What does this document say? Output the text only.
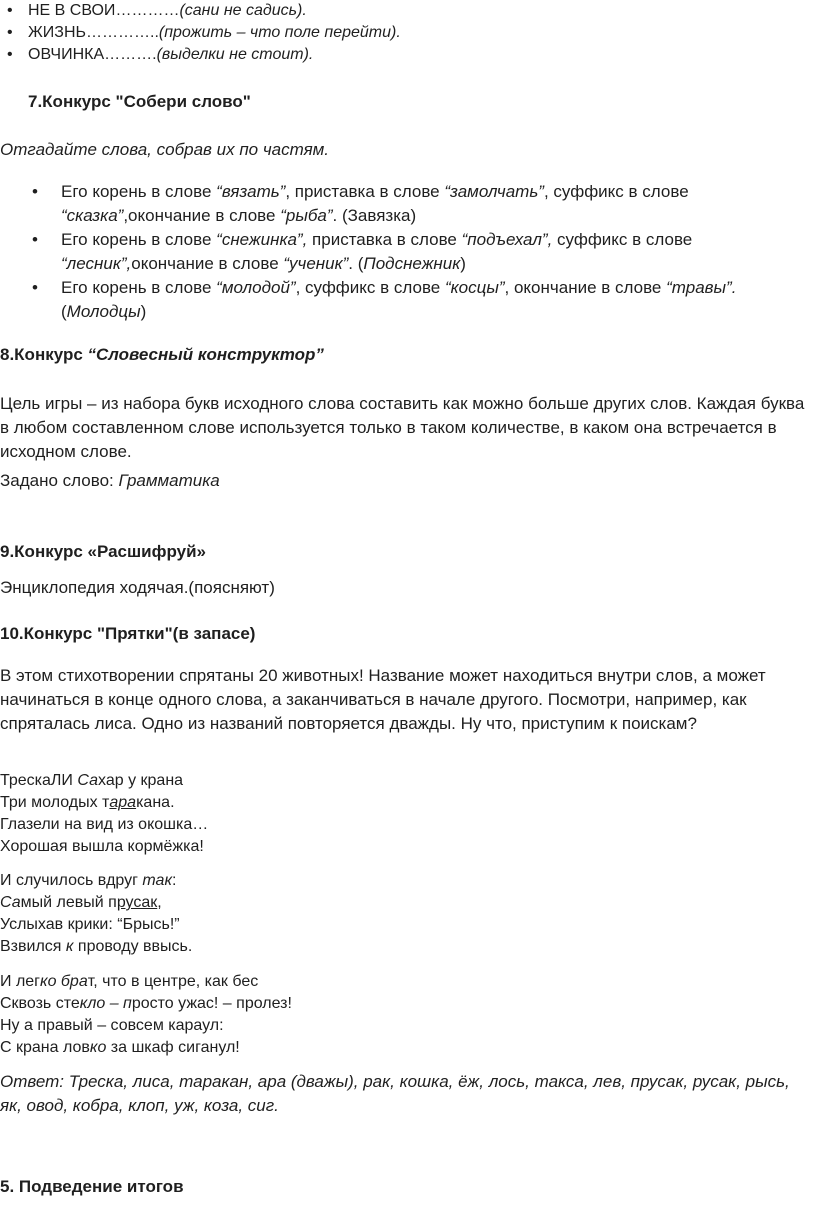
• НЕ В СВОИ…………(сани не садись).
• ЖИЗНЬ…………..(прожить – что поле перейти).
• ОВЧИНКА……….(выделки не стоит).
7.Конкурс "Собери слово"
Отгадайте слова, собрав их по частям.
• Его корень в слове “вязать”, приставка в слове “замолчать”, суффикс в слове “сказка”,окончание в слове “рыба”. (Завязка)
• Его корень в слове “снежинка”, приставка в слове “подъехал”, суффикс в слове “лесник”,окончание в слове “ученик”. (Подснежник)
• Его корень в слове “молодой”, суффикс в слове “косцы”, окончание в слове “травы”. (Молодцы)
8.Конкурс “Словесный конструктор”
Цель игры – из набора букв исходного слова составить как можно больше других слов. Каждая буква в любом составленном слове используется только в таком количестве, в каком она встречается в исходном слове.
Задано слово: Грамматика
9.Конкурс «Расшифруй»
Энциклопедия ходячая.(поясняют)
10.Конкурс "Прятки"(в запасе)
В этом стихотворении спрятаны 20 животных! Название может находиться внутри слов, а может начинаться в конце одного слова, а заканчиваться в начале другого. Посмотри, например, как спряталась лиса. Одно из названий повторяется дважды. Ну что, приступим к поискам?
ТрескаЛИ Сахар у крана
Три молодых таракана.
Глазели на вид из окошка…
Хорошая вышла кормёжка!
И случилось вдруг так:
Самый левый прусак,
Услыхав крики: “Брысь!”
Взвился к проводу ввысь.
И легко брат, что в центре, как бес
Сквозь стекло – просто ужас! – пролез!
Ну а правый – совсем караул:
С крана ловко за шкаф сиганул!
Ответ: Треска, лиса, таракан, ара (дважы), рак, кошка, ёж, лось, такса, лев, прусак, русак, рысь, як, овод, кобра, клоп, уж, коза, сиг.
5. Подведение итогов
